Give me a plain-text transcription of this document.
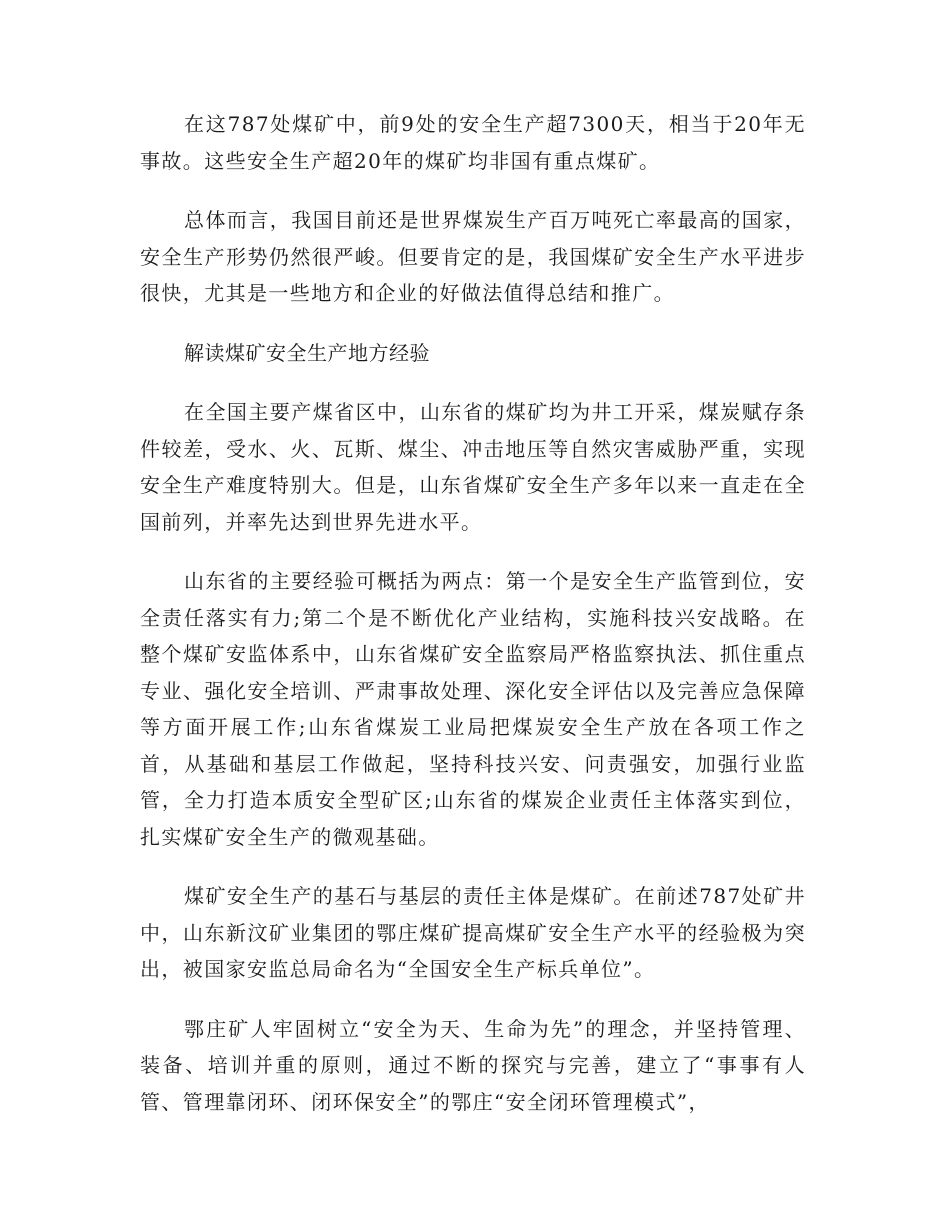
在这787处煤矿中，前9处的安全生产超7300天，相当于20年无事故。这些安全生产超20年的煤矿均非国有重点煤矿。

总体而言，我国目前还是世界煤炭生产百万吨死亡率最高的国家，安全生产形势仍然很严峻。但要肯定的是，我国煤矿安全生产水平进步很快，尤其是一些地方和企业的好做法值得总结和推广。

解读煤矿安全生产地方经验

在全国主要产煤省区中，山东省的煤矿均为井工开采，煤炭赋存条件较差，受水、火、瓦斯、煤尘、冲击地压等自然灾害威胁严重，实现安全生产难度特别大。但是，山东省煤矿安全生产多年以来一直走在全国前列，并率先达到世界先进水平。

山东省的主要经验可概括为两点：第一个是安全生产监管到位，安全责任落实有力;第二个是不断优化产业结构，实施科技兴安战略。在整个煤矿安监体系中，山东省煤矿安全监察局严格监察执法、抓住重点专业、强化安全培训、严肃事故处理、深化安全评估以及完善应急保障等方面开展工作;山东省煤炭工业局把煤炭安全生产放在各项工作之首，从基础和基层工作做起，坚持科技兴安、问责强安，加强行业监管，全力打造本质安全型矿区;山东省的煤炭企业责任主体落实到位，扎实煤矿安全生产的微观基础。

煤矿安全生产的基石与基层的责任主体是煤矿。在前述787处矿井中，山东新汶矿业集团的鄂庄煤矿提高煤矿安全生产水平的经验极为突出，被国家安监总局命名为“全国安全生产标兵单位”。

鄂庄矿人牢固树立“安全为天、生命为先”的理念，并坚持管理、装备、培训并重的原则，通过不断的探究与完善，建立了“事事有人管、管理靠闭环、闭环保安全”的鄂庄“安全闭环管理模式”，
